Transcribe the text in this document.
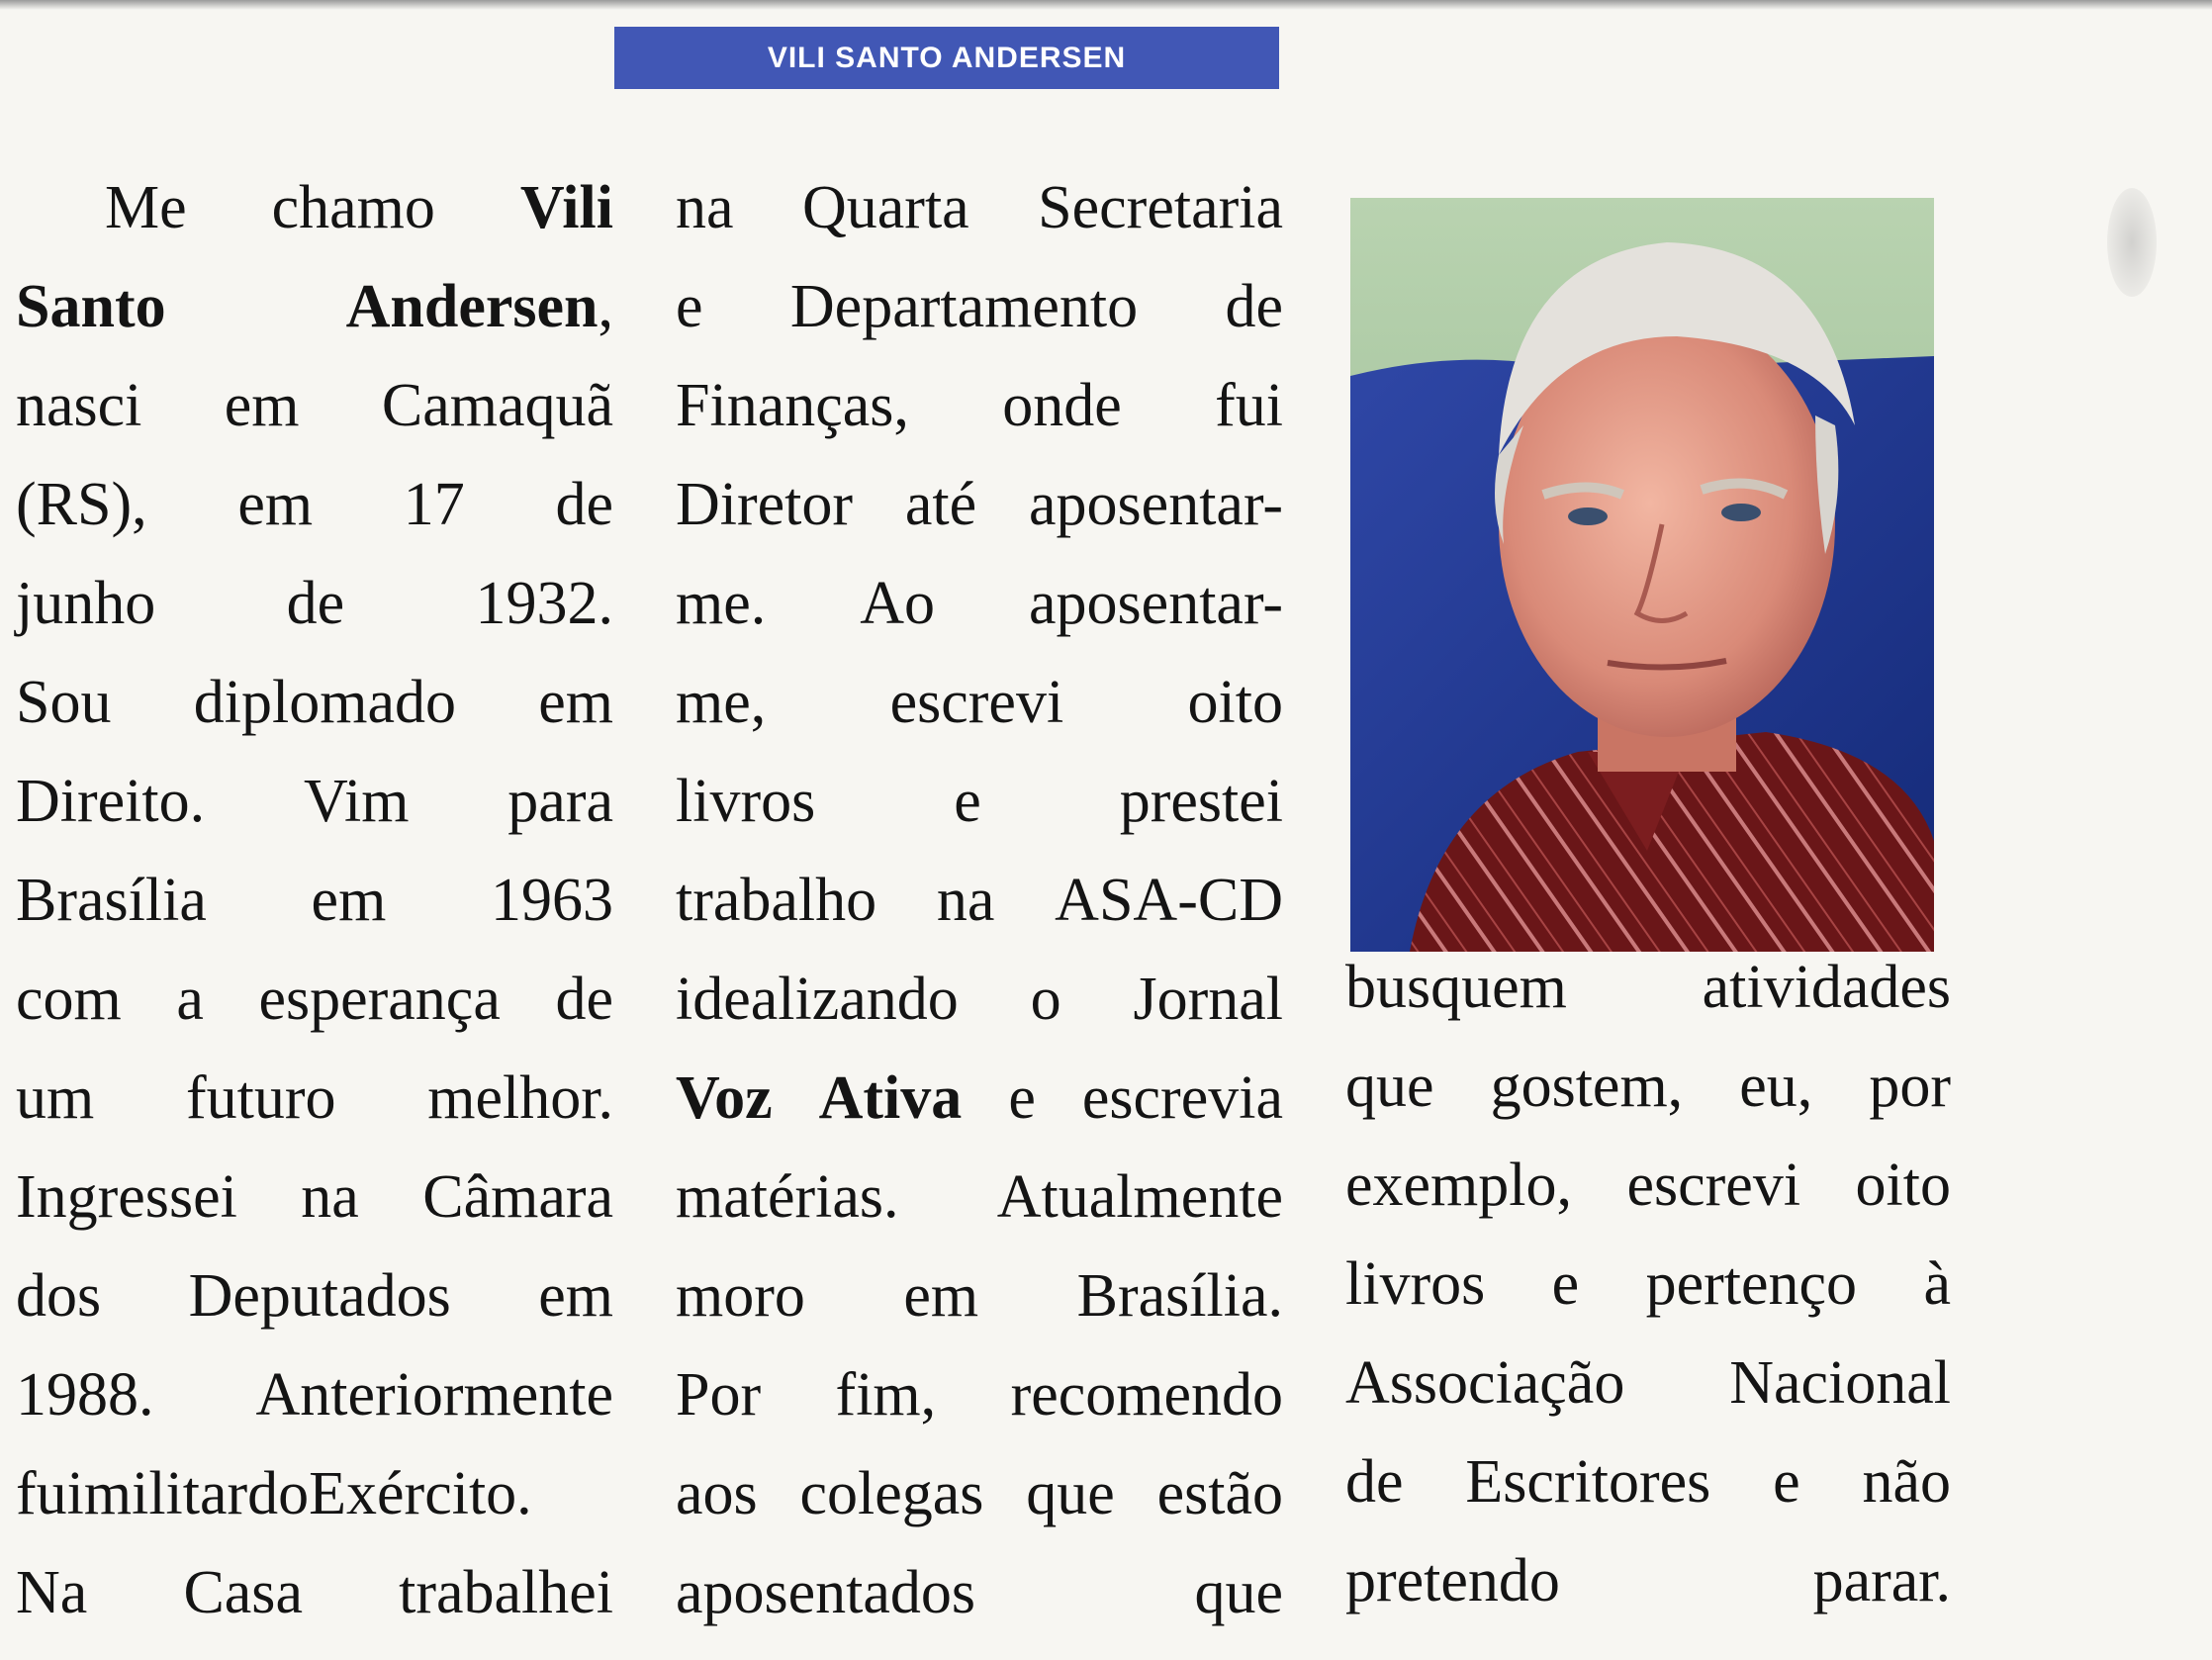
VILI SANTO ANDERSEN
Me chamo Vili
Santo	Andersen,
nasci em Camaquã
(RS), em 17 de
junho de 1932.
Sou diplomado em
Direito. Vim para
Brasília em 1963
com a esperança de
um futuro melhor.
Ingressei na Câmara
dos Deputados em
1988. Anteriormente
fuimilitardoExército.
Na Casa trabalhei
na Quarta Secretaria
e Departamento de
Finanças, onde fui
Diretor até aposentar-
me. Ao aposentar-
me, escrevi oito
livros e prestei
trabalho na ASA-CD
idealizando o Jornal
Voz Ativa e escrevia
matérias. Atualmente
moro em Brasília.
Por fim, recomendo
aos colegas que estão
aposentados	que
busquem atividades
que gostem, eu, por
exemplo, escrevi oito
livros e pertenço à
Associação Nacional
de Escritores e não
pretendo	parar.
